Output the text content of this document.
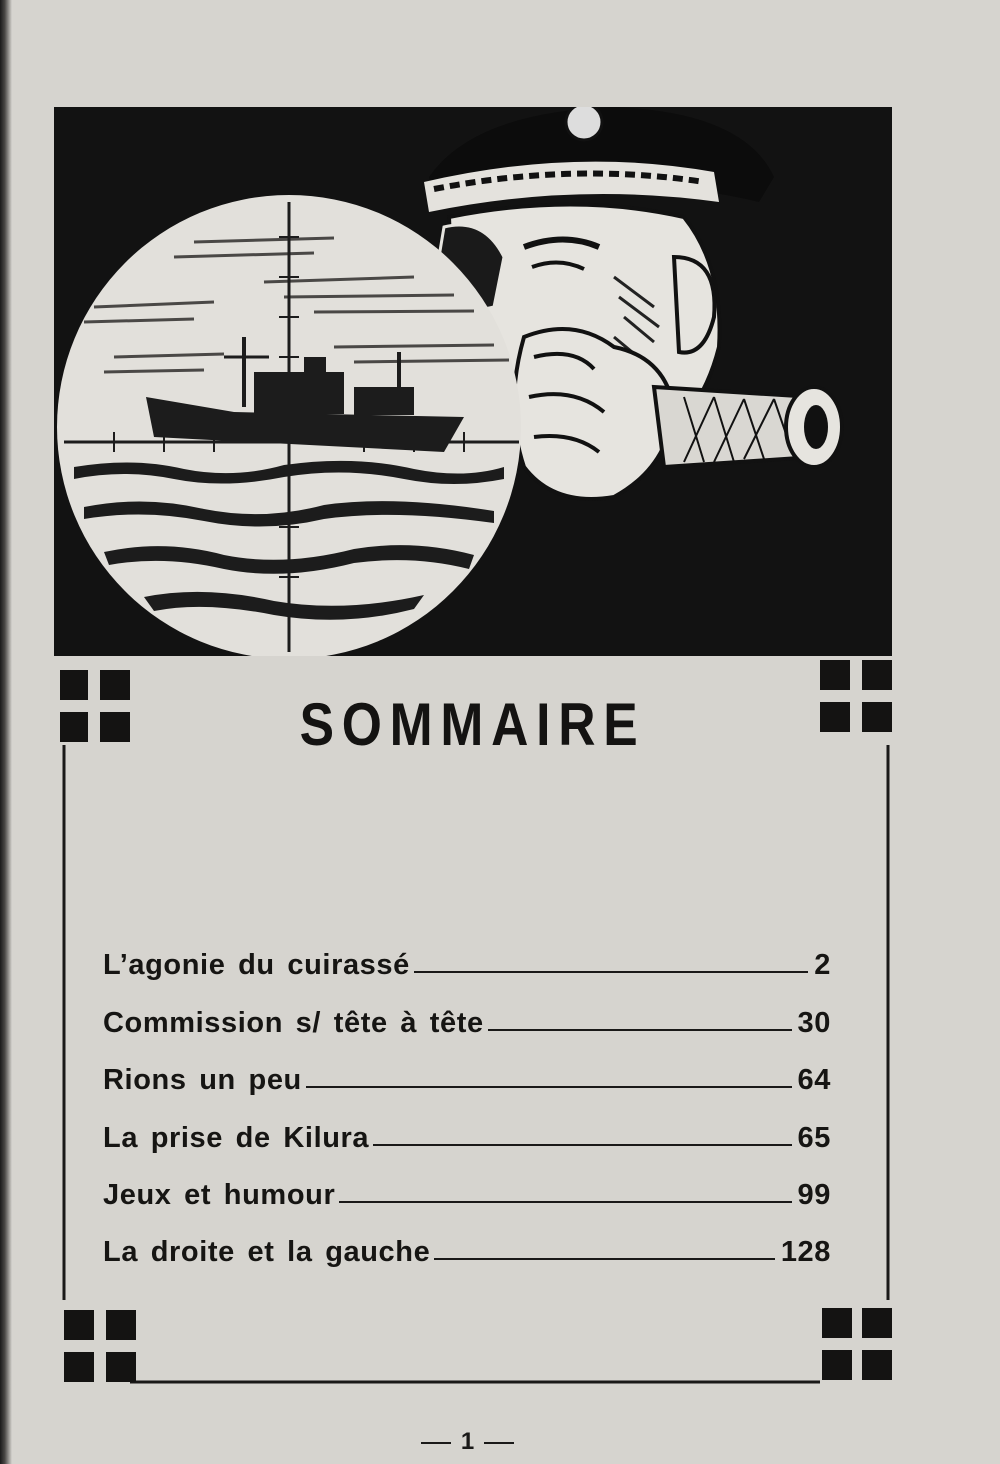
SOMMAIRE
L’agonie du cuirassé	2
Commission s/ tête à tête	30
Rions un peu	64
La prise de Kilura	65
Jeux et humour	99
La droite et la gauche	128
1
